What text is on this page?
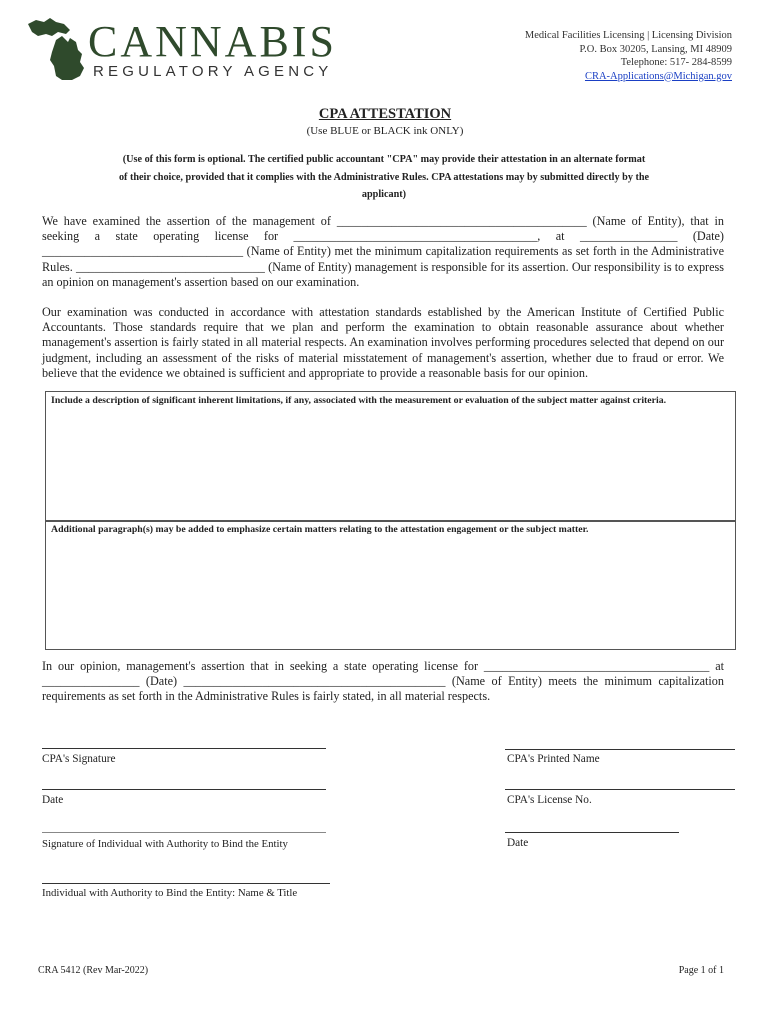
CANNABIS
REGULATORY AGENCY
Medical Facilities Licensing | Licensing Division
P.O. Box 30205, Lansing, MI 48909
Telephone: 517- 284-8599
CRA-Applications@Michigan.gov
CPA ATTESTATION
(Use BLUE or BLACK ink ONLY)
(Use of this form is optional. The certified public accountant "CPA" may provide their attestation in an alternate format of their choice, provided that it complies with the Administrative Rules. CPA attestations may by submitted directly by the applicant)
We have examined the assertion of the management of _________________________________________ (Name of Entity), that in seeking a state operating license for ________________________________________, at ________________ (Date) _________________________________ (Name of Entity) met the minimum capitalization requirements as set forth in the Administrative Rules. _______________________________ (Name of Entity) management is responsible for its assertion. Our responsibility is to express an opinion on management's assertion based on our examination.
Our examination was conducted in accordance with attestation standards established by the American Institute of Certified Public Accountants. Those standards require that we plan and perform the examination to obtain reasonable assurance about whether management's assertion is fairly stated in all material respects. An examination involves performing procedures selected that depend on our judgment, including an assessment of the risks of material misstatement of management's assertion, whether due to fraud or error. We believe that the evidence we obtained is sufficient and appropriate to provide a reasonable basis for our opinion.
Include a description of significant inherent limitations, if any, associated with the measurement or evaluation of the subject matter against criteria.
Additional paragraph(s) may be added to emphasize certain matters relating to the attestation engagement or the subject matter.
In our opinion, management's assertion that in seeking a state operating license for _____________________________________ at ________________ (Date) ___________________________________________ (Name of Entity) meets the minimum capitalization requirements as set forth in the Administrative Rules is fairly stated, in all material respects.
CPA's Signature	CPA's Printed Name
Date	CPA's License No.
Signature of Individual with Authority to Bind the Entity	Date
Individual with Authority to Bind the Entity: Name & Title
CRA 5412 (Rev Mar-2022)	Page 1 of 1
